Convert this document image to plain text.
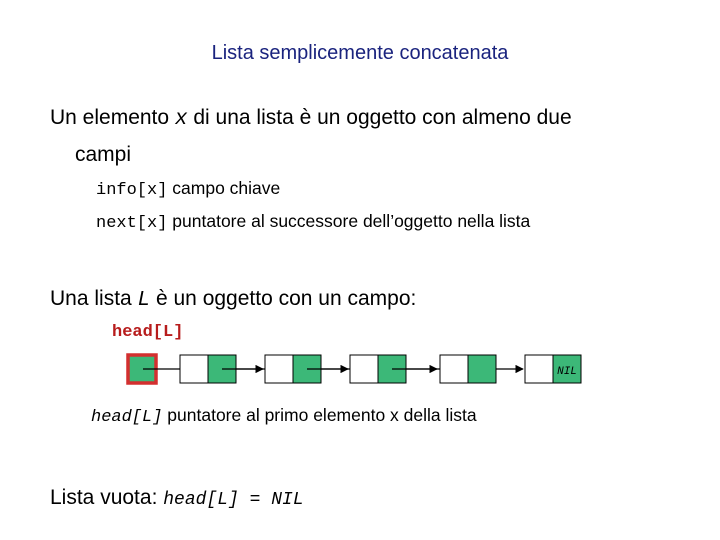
Lista semplicemente concatenata
Un elemento x di una lista è un oggetto con almeno due
campi
info[x] campo chiave
next[x] puntatore al successore dell’oggetto nella lista
Una lista L è un oggetto con un campo:
head[L]
NIL
head[L] puntatore al primo elemento x della lista
Lista vuota: head[L] = NIL
